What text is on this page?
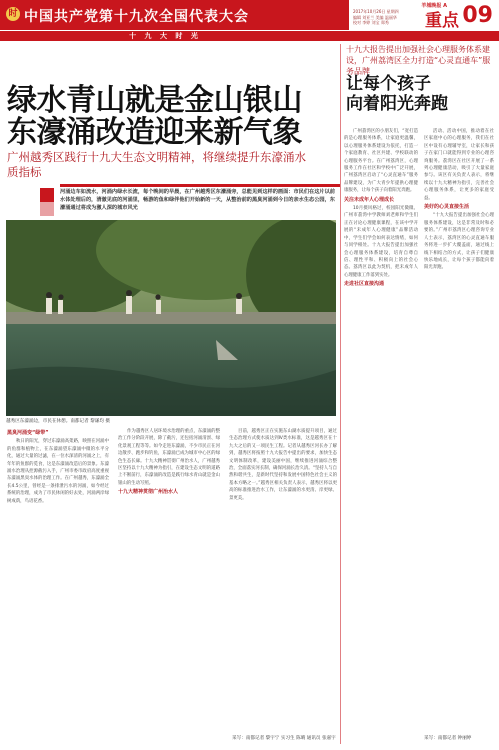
时 中国共产党第十九次全国代表大会
羊城晚报 A
2017年10月26日 星期四
编辑 刘亚兰 美编 温丽华
校对 李婷 刘宝 郑秀	重点 09
十 九 大 时 光
绿水青山就是金山银山
东濠涌改造迎来新气象
广州越秀区践行十九大生态文明精神，将继续提升东濠涌水质指标
河涌边车如流水，河涌内绿水长流，每个晚间的早晨，在广州越秀区东濠涌旁，总能见到这样的画面：市民们在这片以前水体处理后的，清澈见底的河涌里，畅游的鱼和绿伴他们开始新的一天，从整治前的黑臭河涌到今日的亲水生态公园，东濠涌通过将成为激人深的城市风光
越秀区东濠涌边，市民在休憩。南都记者 黎谦均 摄
黑臭河涌变“绿带”

秋日的阳光，穿过东濠涌高架路，映照在河涌中的鱼群和植物上，在东濠涌望东濠涌中微的水平分化，通过大量的过滤，在一位水深清的河涌之上，有年年的鱼群的觅食，这是东濠涌改造后的景象。东濠涌水治理从控源截污入手，广州市委市政府高度重视东濠涌黑臭水体的治理工作。在广州越秀，东濠涌全长4.5公里，曾经是一条排泄污水的河涌，如今经过系统的治理，成为了市民休闲的好去处，河涌两岸绿树成荫，鸟语花香。

作为越秀区人居环境水治理的重点，东濠涌的整治工作分阶段开展，除了截污，还包括河涌清淤、绿化景观工程等等。如今走进东濠涌，不少市民正在河边散步、跑步和钓鱼，东濠涌已成为城市中心区的绿色生态长廊。十九大精神贯彻广州治水人，广州越秀区坚持以十九大精神为指引，在建设生态文明的道路上不断前行，东濠涌的改造是践行绿水青山就是金山银山的生动写照。

十九大精神贯彻广州治水人

目前，越秀区正在实施东山湖水质提升项目，通过生态治理方式使水质达到Ⅳ类水标准，这是越秀区在十九大之后的又一项民生工程。记者从越秀区河长办了解到，越秀区将按照十九大报告中提出的要求，加快生态文明体制改革，建设美丽中国，继续推进河涌综合整治，全面落实河长制，确保河涌长治久清。“坚持人与自然和谐共生，是新时代坚持和发展中国特色社会主义的基本方略之一。”越秀区相关负责人表示，越秀区将以更高的标准推进治水工作，让东濠涌的水更清、岸更绿、景更美。

采写：南都记者 黎宇宁 实习生 陈晴 通讯员 张嘉宇
十九大报告提出加强社会心理服务体系建设，广州荔湾区全力打造“心灵直通车”服务品牌
让每个孩子
向着阳光奔跑

广州荔湾区的小朋友们，“宽打造的是心理服务体系，让家庭更温馨，以心理服务体系建设为依托，打造一个家庭教育、社区共建、学校联动的心理服务平台。在广州荔湾区，心理服务工作在社区和学校中广泛开展，广州荔湾区启动了“心灵直通车”服务品牌建设，为广大青少年提供心理健康服务，让每个孩子向着阳光奔跑。

关注未成年人心理成长

10月摄风格过，校园阳光微微。广州市荔湾中学教师刘老师和学生们正在讨论心理健康课程，在该中学开展的“未成年人心理健康”品牌活动中，学生们学会如何表达情绪，如何与同学相处。十九大报告提出加强社会心理服务体系建设，培育自尊自信、理性平和、积极向上的社会心态。荔湾区以此为契机，把未成年人心理健康工作落到实处。

走进社区直接沟通

活动、活动中国，推动着在社区家庭中心的心理服务，我们在社区中设有心理辅导室，让家长和孩子在家门口就能得到专业的心理咨询服务。荔湾区在社区开展了一系列心理健康活动，吸引了大量家庭参与。该区有关负责人表示，将继续以十九大精神为指引，完善社会心理服务体系，让更多的家庭受益。

美好的心灵直接生活

“十九大报告提出加强社会心理服务体系建设，这是非常及时和必要的。”广州市荔湾区心理咨询专业人士表示，荔湾区的心灵直通车服务将进一步扩大覆盖面，通过线上线下相结合的方式，让孩子们健康快乐地成长，让每个孩子都能向着阳光奔跑。

采写：南都记者 钟丽婷
